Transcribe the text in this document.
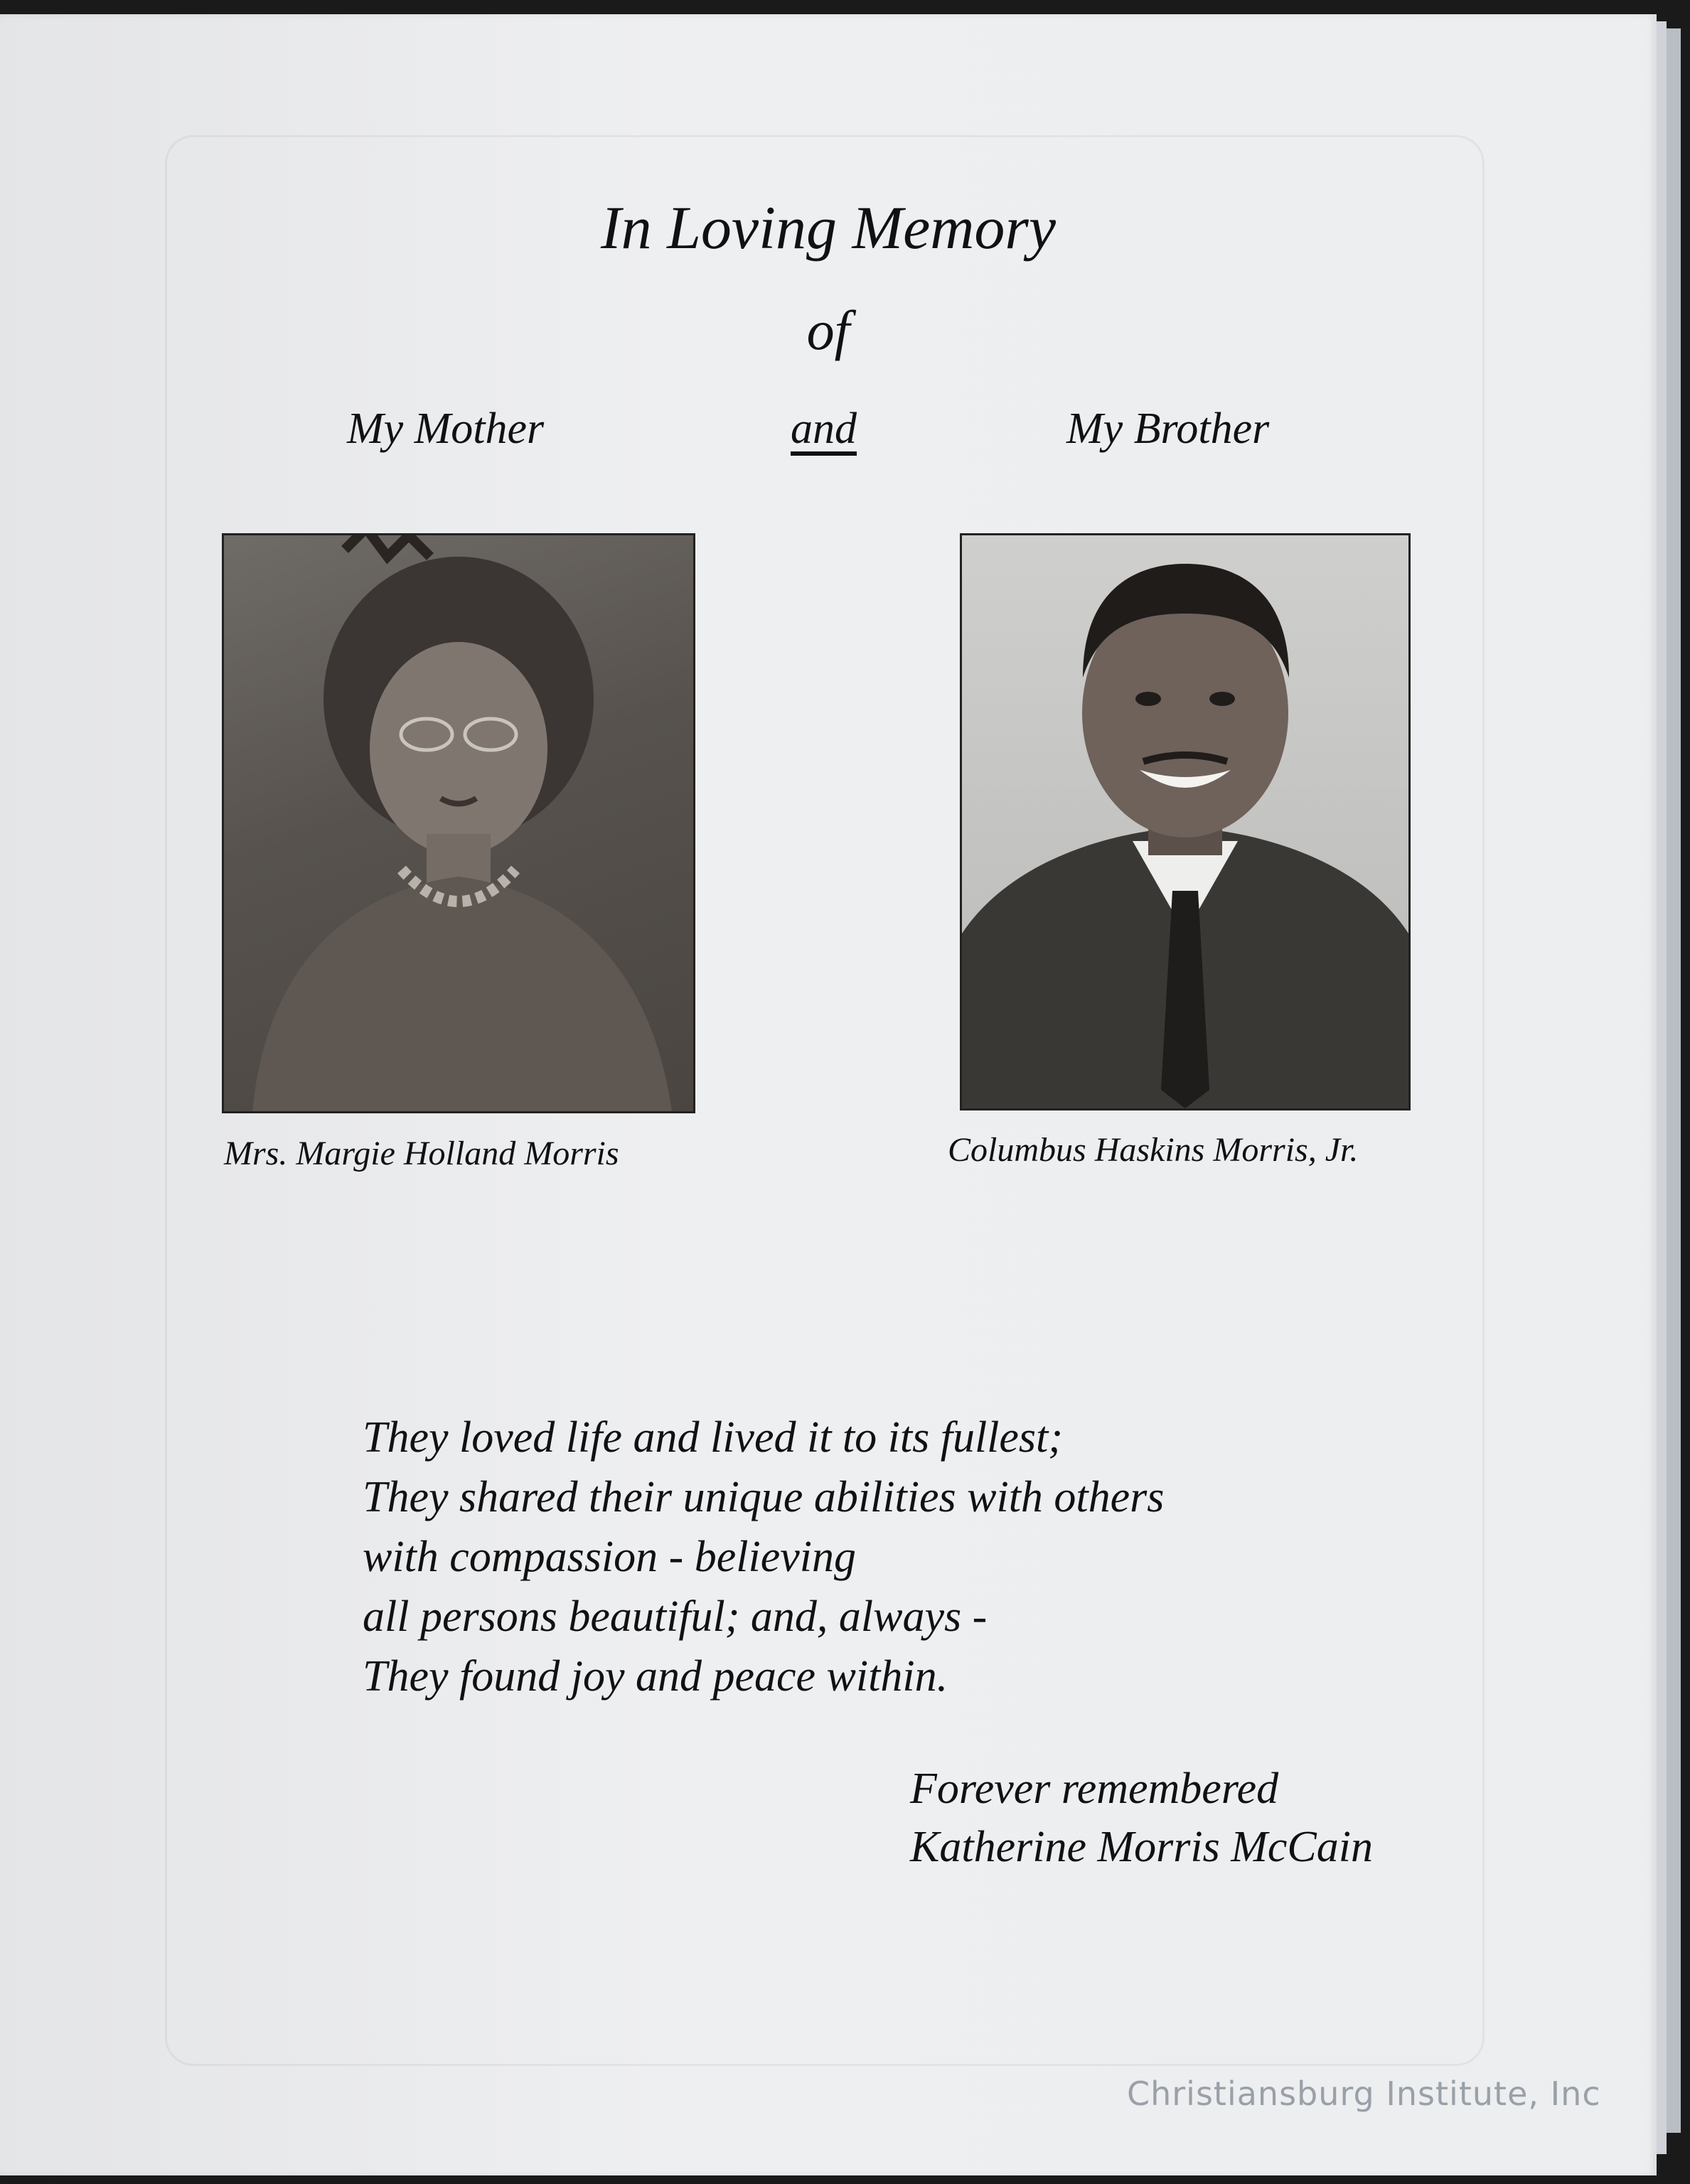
In Loving Memory
of
My Mother	and	My Brother
Mrs. Margie Holland Morris	Columbus Haskins Morris, Jr.
They loved life and lived it to its fullest;
They shared their unique abilities with others
with compassion - believing
all persons beautiful; and, always -
They found joy and peace within.
Forever remembered
Katherine Morris McCain
Christiansburg Institute, Inc
